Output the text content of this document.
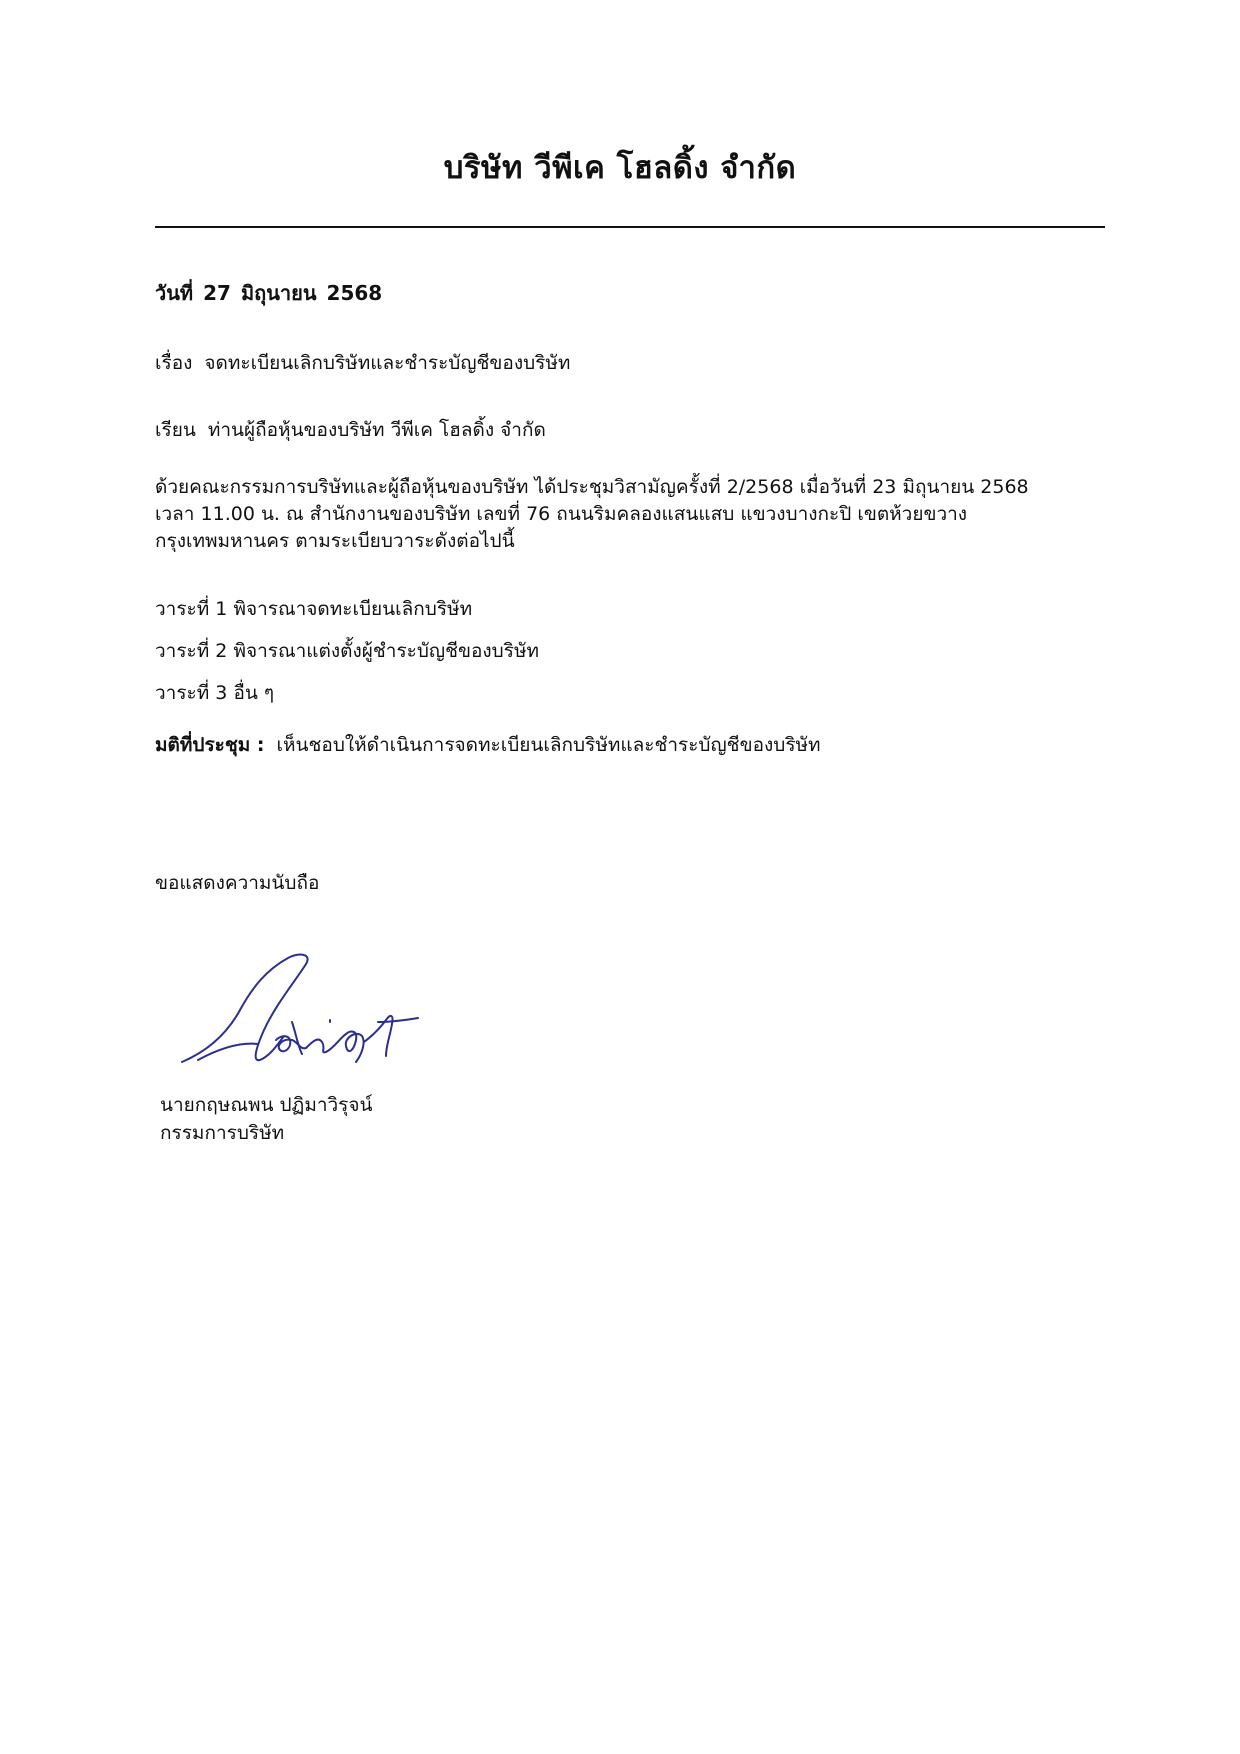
บริษัท วีพีเค โฮลดิ้ง จำกัด
วันที่ 27 มิถุนายน 2568
เรื่อง จดทะเบียนเลิกบริษัทและชำระบัญชีของบริษัท
เรียน ท่านผู้ถือหุ้นของบริษัท วีพีเค โฮลดิ้ง จำกัด
ด้วยคณะกรรมการบริษัทและผู้ถือหุ้นของบริษัท ได้ประชุมวิสามัญครั้งที่ 2/2568 เมื่อวันที่ 23 มิถุนายน 2568
เวลา 11.00 น. ณ สำนักงานของบริษัท เลขที่ 76 ถนนริมคลองแสนแสบ แขวงบางกะปิ เขตห้วยขวาง
กรุงเทพมหานคร ตามระเบียบวาระดังต่อไปนี้
วาระที่ 1 พิจารณาจดทะเบียนเลิกบริษัท
วาระที่ 2 พิจารณาแต่งตั้งผู้ชำระบัญชีของบริษัท
วาระที่ 3 อื่น ๆ
มติที่ประชุม : เห็นชอบให้ดำเนินการจดทะเบียนเลิกบริษัทและชำระบัญชีของบริษัท
ขอแสดงความนับถือ
นายกฤษณพน ปฏิมาวิรุจน์
กรรมการบริษัท
